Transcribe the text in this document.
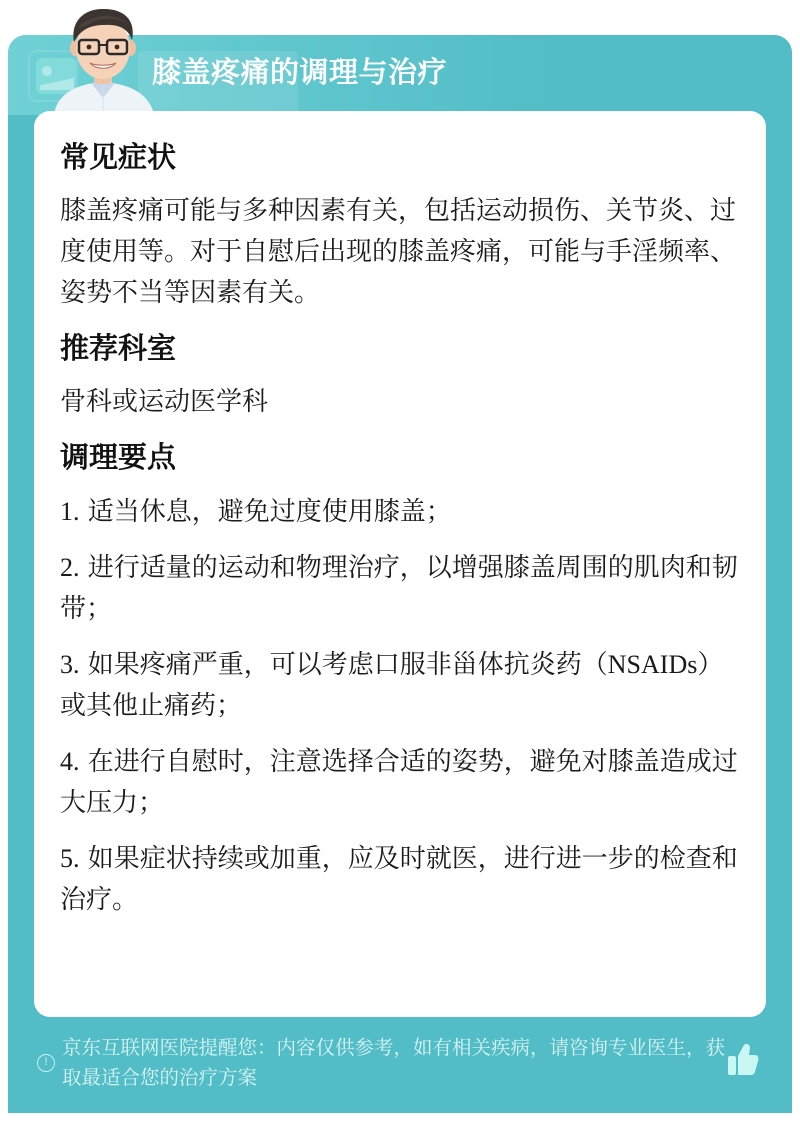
膝盖疼痛的调理与治疗
常见症状
膝盖疼痛可能与多种因素有关，包括运动损伤、关节炎、过度使用等。对于自慰后出现的膝盖疼痛，可能与手淫频率、姿势不当等因素有关。
推荐科室
骨科或运动医学科
调理要点
1. 适当休息，避免过度使用膝盖；
2. 进行适量的运动和物理治疗，以增强膝盖周围的肌肉和韧带；
3. 如果疼痛严重，可以考虑口服非甾体抗炎药（NSAIDs）或其他止痛药；
4. 在进行自慰时，注意选择合适的姿势，避免对膝盖造成过大压力；
5. 如果症状持续或加重，应及时就医，进行进一步的检查和治疗。
!
京东互联网医院提醒您：内容仅供参考，如有相关疾病，请咨询专业医生，获取最适合您的治疗方案
